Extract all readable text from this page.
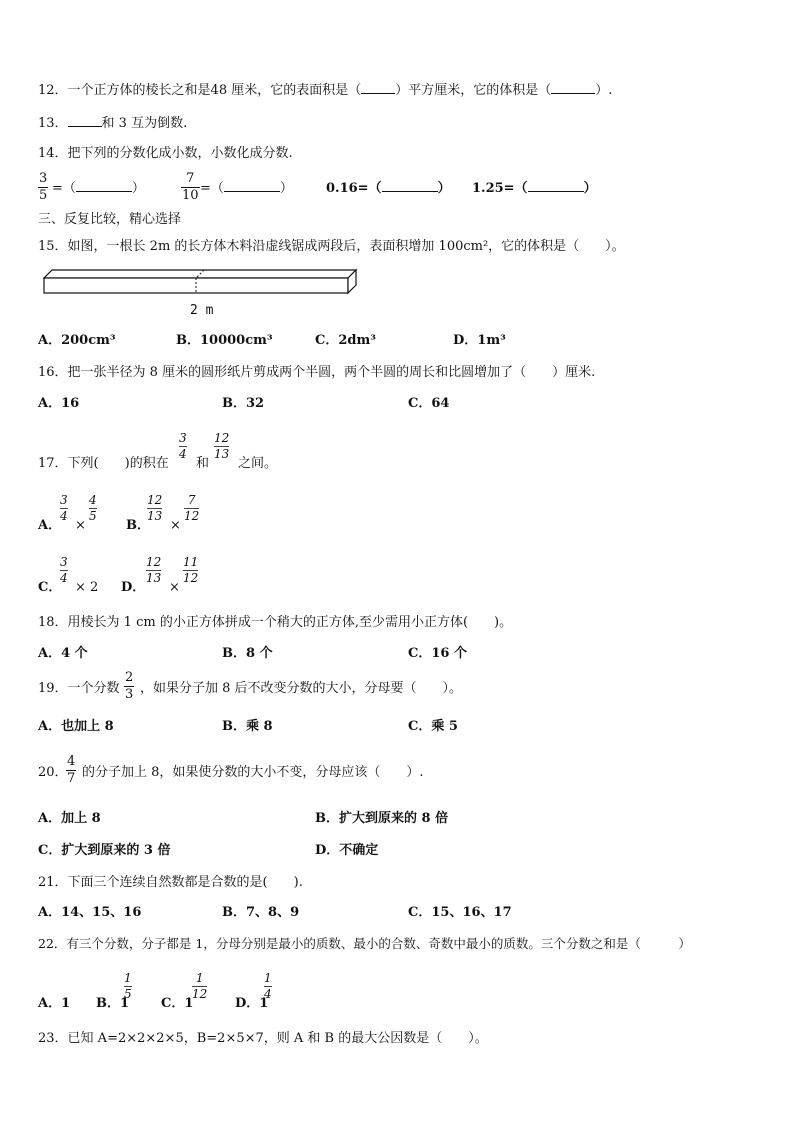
12．一个正方体的棱长之和是48 厘米，它的表面积是（	）平方厘米，它的体积是（	）.
13．	和 3 互为倒数.
14．把下列的分数化成小数，小数化成分数.
3
5 =（	）
7
10 =（	）	0.16=（	） 1.25=（	）
三、反复比较，精心选择
15．如图，一根长 2m 的长方体木料沿虚线锯成两段后，表面积增加 100cm²，它的体积是（　　）。
2 m
A．200cm³	B．10000cm³	C．2dm³	D．1m³
16．把一张半径为 8 厘米的圆形纸片剪成两个半圆，两个半圆的周长和比圆增加了（　　）厘米.
A．16	B．32	C．64
17．下列(　　)的积在
3
4
和
12
13
之间。
A．
3
4
×
4
5
B．
12
13
×
7
12
C．
3
4
× 2 D．
12
13
×
11
12
18．用棱长为 1 cm 的小正方体拼成一个稍大的正方体,至少需用小正方体(　　)。
A．4 个	B．8 个	C．16 个
19．一个分数
2
3 ，如果分子加 8 后不改变分数的大小，分母要（　　）。
A．也加上 8	B．乘 8	C．乘 5
20．
4
7 的分子加上 8，如果使分数的大小不变，分母应该（　　）.
A．加上 8	B．扩大到原来的 8 倍
C．扩大到原来的 3 倍	D．不确定
21．下面三个连续自然数都是合数的是(　　).
A．14、15、16	B．7、8、9	C．15、16、17
22．有三个分数，分子都是 1，分母分别是最小的质数、最小的合数、奇数中最小的质数。三个分数之和是（　　　）
A．1 B．1
1
5
C．1
1
12
D．1
1
4
23．已知 A=2×2×2×5，B=2×5×7，则 A 和 B 的最大公因数是（　　）。
